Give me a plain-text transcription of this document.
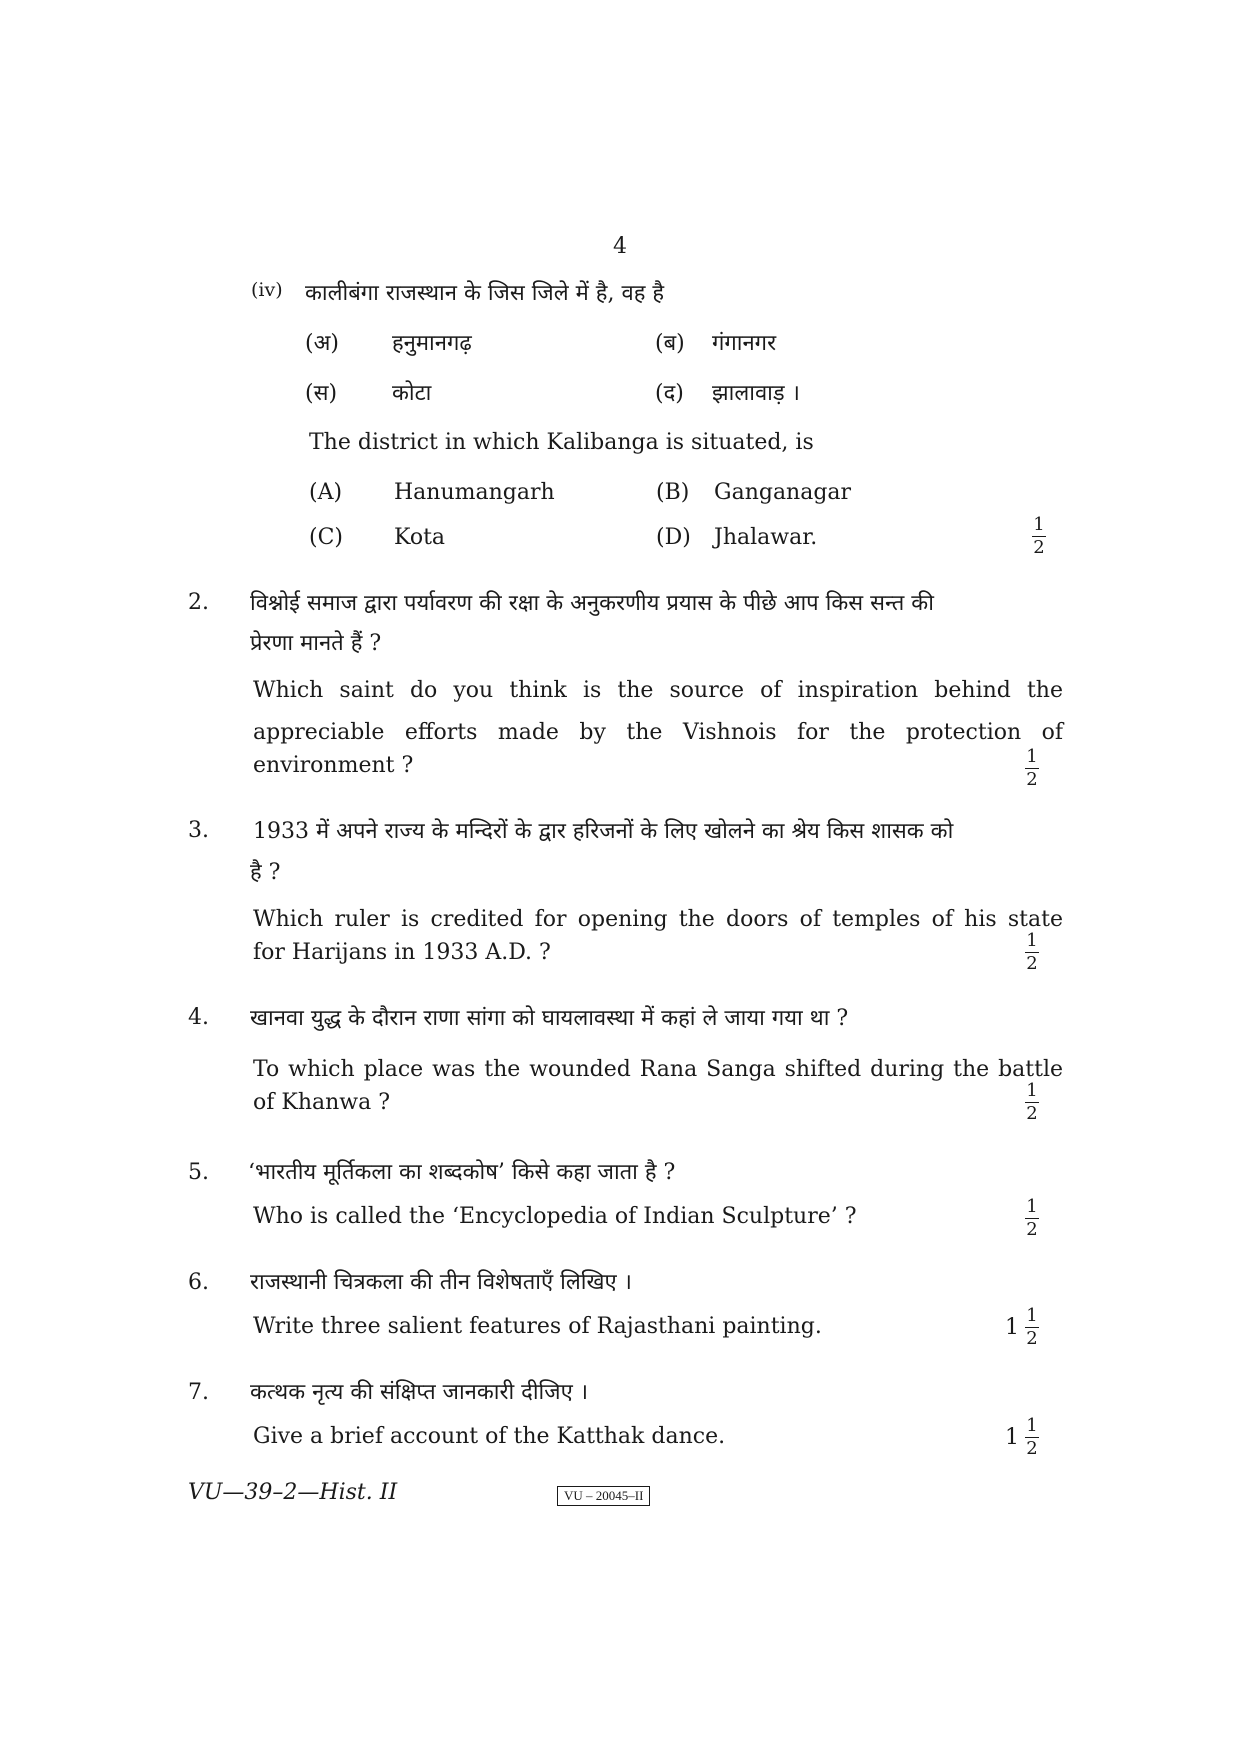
4
(iv) कालीबंगा राजस्थान के जिस जिले में है, वह है
(अ) हनुमानगढ़	(ब) गंगानगर
(स) कोटा	(द) झालावाड़ ।
The district in which Kalibanga is situated, is
(A) Hanumangarh	(B) Ganganagar
(C) Kota	(D) Jhalawar.
1
2
2. विश्नोई समाज द्वारा पर्यावरण की रक्षा के अनुकरणीय प्रयास के पीछे आप किस सन्त की
प्रेरणा मानते हैं ?
Which saint do you think is the source of inspiration behind the
appreciable efforts made by the Vishnois for the protection of
environment ?	1
2
3. 1933 में अपने राज्य के मन्दिरों के द्वार हरिजनों के लिए खोलने का श्रेय किस शासक को
है ?
Which ruler is credited for opening the doors of temples of his state
for Harijans in 1933 A.D. ?	1
2
4. खानवा युद्ध के दौरान राणा सांगा को घायलावस्था में कहां ले जाया गया था ?
To which place was the wounded Rana Sanga shifted during the battle
of Khanwa ?	1
2
5. ‘भारतीय मूर्तिकला का शब्दकोष’ किसे कहा जाता है ?
Who is called the ‘Encyclopedia of Indian Sculpture’ ?	1
2
6. राजस्थानी चित्रकला की तीन विशेषताएँ लिखिए ।
Write three salient features of Rajasthani painting.	$1 \frac{1}{2}$
7. कत्थक नृत्य की संक्षिप्त जानकारी दीजिए ।
Give a brief account of the Katthak dance.	$1 \frac{1}{2}$
VU—39–2—Hist. II	VU – 20045–II
